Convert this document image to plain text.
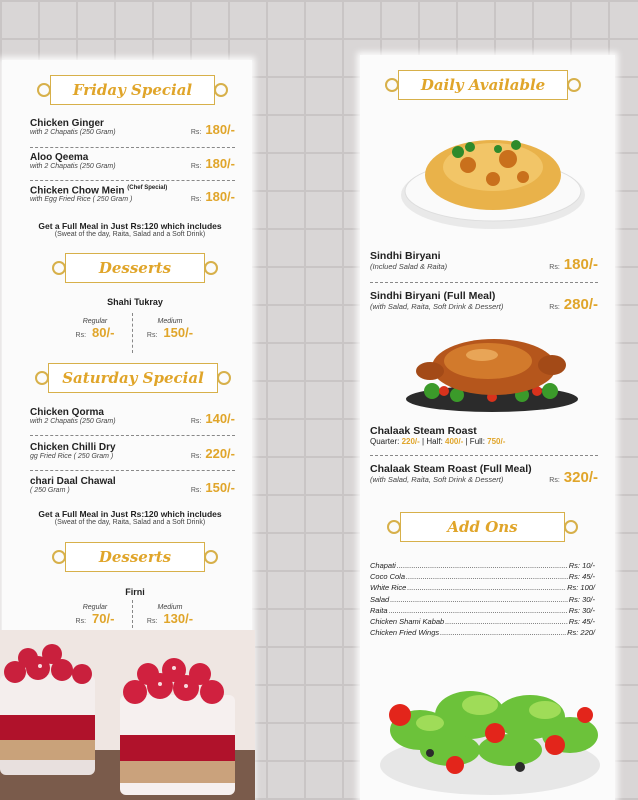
Friday Special
Chicken Ginger
with 2 Chapatis (250 Gram)	Rs: 180/-
Aloo Qeema
with 2 Chapatis (250 Gram)	Rs: 180/-
Chicken Chow Mein $^{(Chef Special)}$
with Egg Fried Rice ( 250 Gram )	Rs: 180/-
Get a Full Meal in Just Rs:120 which includes
(Sweat of the day, Raita, Salad and a Soft Drink)
Desserts
Shahi Tukray
Regular
Rs: 80/-
Medium
Rs: 150/-
Saturday Special
Chicken Qorma
with 2 Chapatis (250 Gram)	Rs: 140/-
Chicken Chilli Dry
gg Fried Rice ( 250 Gram )	Rs: 220/-
chari Daal Chawal
( 250 Gram )	Rs: 150/-
Get a Full Meal in Just Rs:120 which includes
(Sweat of the day, Raita, Salad and a Soft Drink)
Desserts
Firni
Regular
Rs: 70/-
Medium
Rs: 130/-
Daily Available
Sindhi Biryani
(Inclued Salad & Raita)	Rs: 180/-
Sindhi Biryani (Full Meal)
(with Salad, Raita, Soft Drink & Dessert)	Rs: 280/-
Chalaak Steam Roast
Quarter: 220/- | Half: 400/- | Full: 750/-
Chalaak Steam Roast (Full Meal)
(with Salad, Raita, Soft Drink & Dessert)	Rs: 320/-
Add Ons
Chapati .....	Rs: 10/-
Coco Cola .....	Rs: 45/-
White Rice .....	Rs: 100/
Salad .....	Rs: 30/-
Raita .....	Rs: 30/-
Chicken Shami Kabab .....	Rs: 45/-
Chicken Fried Wings .....	Rs: 220/
